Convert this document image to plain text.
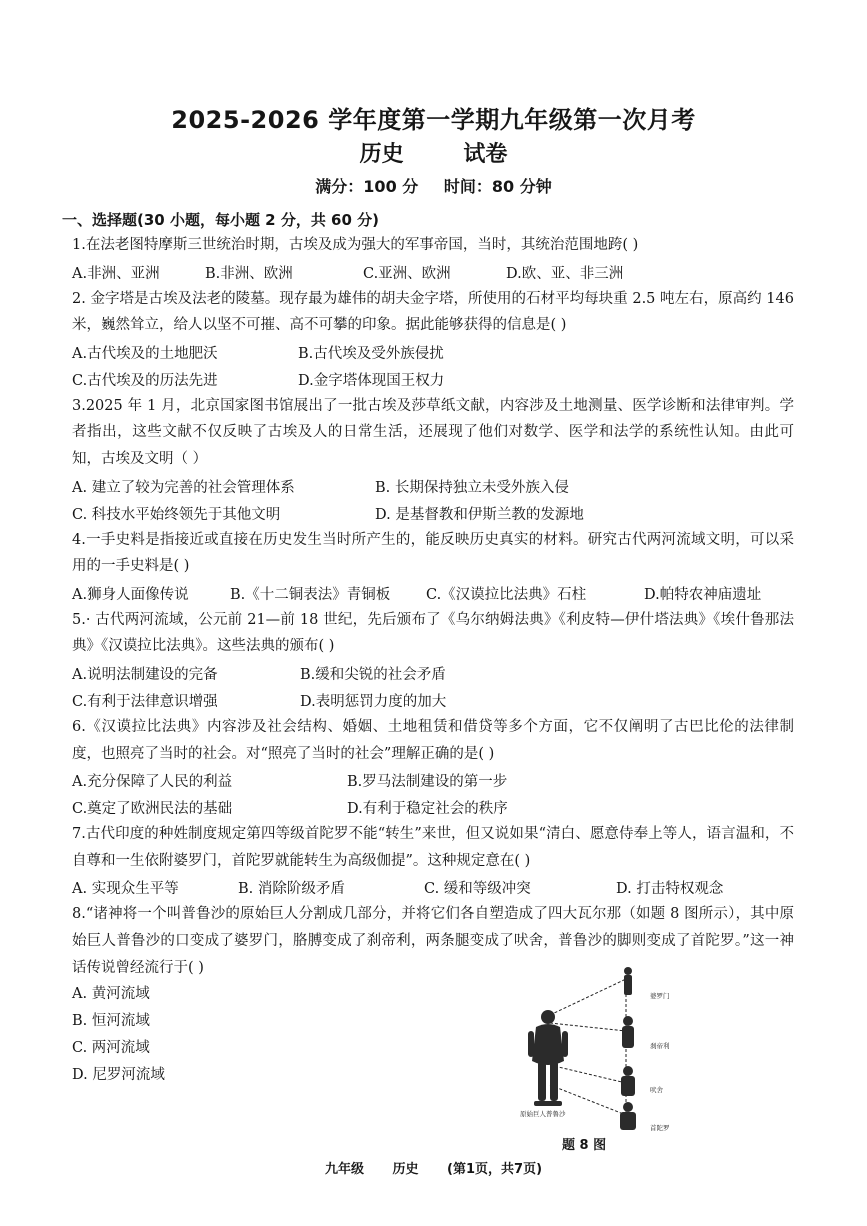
2025-2026 学年度第一学期九年级第一次月考
历史	试卷
满分：100 分 时间：80 分钟
一、选择题(30 小题，每小题 2 分，共 60 分)

1.在法老图特摩斯三世统治时期，古埃及成为强大的军事帝国，当时，其统治范围地跨( )

A.非洲、亚洲	B.非洲、欧洲	C.亚洲、欧洲	D.欧、亚、非三洲

2. 金字塔是古埃及法老的陵墓。现存最为雄伟的胡夫金字塔，所使用的石材平均每块重 2.5 吨左右，原高约 146 米，巍然耸立，给人以坚不可摧、高不可攀的印象。据此能够获得的信息是( )

A.古代埃及的土地肥沃	B.古代埃及受外族侵扰
C.古代埃及的历法先进	D.金字塔体现国王权力

3.2025 年 1 月，北京国家图书馆展出了一批古埃及莎草纸文献，内容涉及土地测量、医学诊断和法律审判。学者指出，这些文献不仅反映了古埃及人的日常生活，还展现了他们对数学、医学和法学的系统性认知。由此可知，古埃及文明（ ）

A. 建立了较为完善的社会管理体系	B. 长期保持独立未受外族入侵
C. 科技水平始终领先于其他文明	D. 是基督教和伊斯兰教的发源地

4.一手史料是指接近或直接在历史发生当时所产生的，能反映历史真实的材料。研究古代两河流域文明，可以采用的一手史料是( )

A.狮身人面像传说	B.《十二铜表法》青铜板	C.《汉谟拉比法典》石柱	D.帕特农神庙遗址

5.· 古代两河流域，公元前 21—前 18 世纪，先后颁布了《乌尔纳姆法典》《利皮特—伊什塔法典》《埃什鲁那法典》《汉谟拉比法典》。这些法典的颁布( )

A.说明法制建设的完备	B.缓和尖锐的社会矛盾
C.有利于法律意识增强	D.表明惩罚力度的加大

6.《汉谟拉比法典》内容涉及社会结构、婚姻、土地租赁和借贷等多个方面，它不仅阐明了古巴比伦的法律制度，也照亮了当时的社会。对“照亮了当时的社会”理解正确的是( )

A.充分保障了人民的利益	B.罗马法制建设的第一步
C.奠定了欧洲民法的基础	D.有利于稳定社会的秩序

7.古代印度的种姓制度规定第四等级首陀罗不能“转生”来世，但又说如果“清白、愿意侍奉上等人，语言温和，不自尊和一生依附婆罗门，首陀罗就能转生为高级伽提”。这种规定意在( )

A. 实现众生平等	B. 消除阶级矛盾	C. 缓和等级冲突	D. 打击特权观念

8.“诸神将一个叫普鲁沙的原始巨人分割成几部分，并将它们各自塑造成了四大瓦尔那（如题 8 图所示），其中原始巨人普鲁沙的口变成了婆罗门，胳膊变成了刹帝利，两条腿变成了吠舍，普鲁沙的脚则变成了首陀罗。”这一神话传说曾经流行于( )

A. 黄河流域
B. 恒河流域
C. 两河流域
D. 尼罗河流域
婆罗门
刹帝利
吠舍
首陀罗
原始巨人普鲁沙
题 8 图
九年级 历史 (第1页，共7页)
